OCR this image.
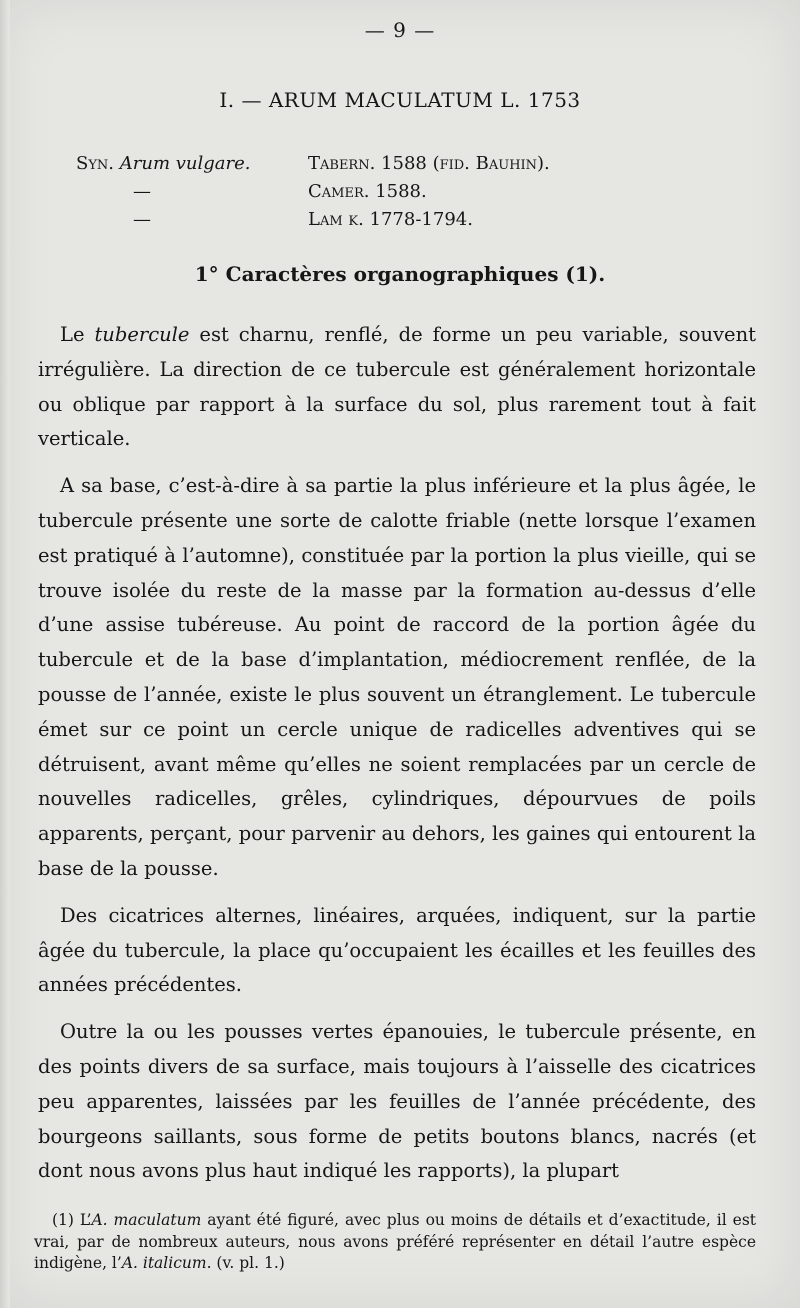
— 9 —
I. — ARUM MACULATUM L. 1753
Syn. Arum vulgare.	Tabern. 1588 (fid. Bauhin).
—	Camer. 1588.
—	Lam k. 1778-1794.
1° Caractères organographiques (1).

Le tubercule est charnu, renflé, de forme un peu variable, souvent irrégulière. La direction de ce tubercule est généralement horizontale ou oblique par rapport à la surface du sol, plus rarement tout à fait verticale.

A sa base, c’est-à-dire à sa partie la plus inférieure et la plus âgée, le tubercule présente une sorte de calotte friable (nette lorsque l’examen est pratiqué à l’automne), constituée par la portion la plus vieille, qui se trouve isolée du reste de la masse par la formation au-dessus d’elle d’une assise tubéreuse. Au point de raccord de la portion âgée du tubercule et de la base d’implantation, médiocrement renflée, de la pousse de l’année, existe le plus souvent un étranglement. Le tubercule émet sur ce point un cercle unique de radicelles adventives qui se détruisent, avant même qu’elles ne soient remplacées par un cercle de nouvelles radicelles, grêles, cylindriques, dépourvues de poils apparents, perçant, pour parvenir au dehors, les gaines qui entourent la base de la pousse.

Des cicatrices alternes, linéaires, arquées, indiquent, sur la partie âgée du tubercule, la place qu’occupaient les écailles et les feuilles des années précédentes.

Outre la ou les pousses vertes épanouies, le tubercule présente, en des points divers de sa surface, mais toujours à l’aisselle des cicatrices peu apparentes, laissées par les feuilles de l’année précédente, des bourgeons saillants, sous forme de petits boutons blancs, nacrés (et dont nous avons plus haut indiqué les rapports), la plupart

(1) L’A. maculatum ayant été figuré, avec plus ou moins de détails et d’exactitude, il est vrai, par de nombreux auteurs, nous avons préféré représenter en détail l’autre espèce indigène, l’A. italicum. (v. pl. 1.)
